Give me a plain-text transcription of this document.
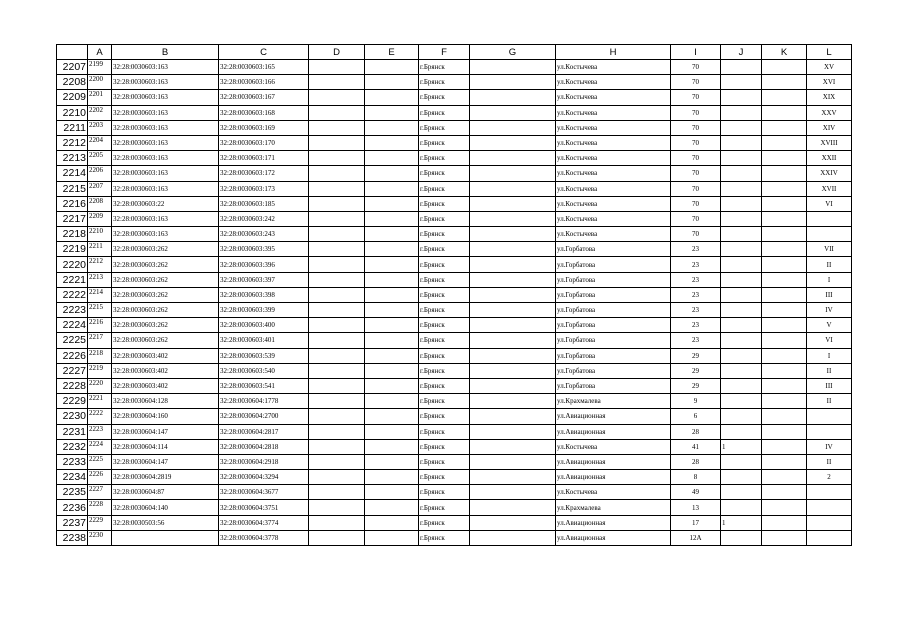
	A	B	C	D	E	F	G	H	I	J	K	L
2207	2199	32:28:0030603:163	32:28:0030603:165			г.Брянск		ул.Костычева	70			XV
2208	2200	32:28:0030603:163	32:28:0030603:166			г.Брянск		ул.Костычева	70			XVI
2209	2201	32:28:0030603:163	32:28:0030603:167			г.Брянск		ул.Костычева	70			XIX
2210	2202	32:28:0030603:163	32:28:0030603:168			г.Брянск		ул.Костычева	70			XXV
2211	2203	32:28:0030603:163	32:28:0030603:169			г.Брянск		ул.Костычева	70			XIV
2212	2204	32:28:0030603:163	32:28:0030603:170			г.Брянск		ул.Костычева	70			XVIII
2213	2205	32:28:0030603:163	32:28:0030603:171			г.Брянск		ул.Костычева	70			XXII
2214	2206	32:28:0030603:163	32:28:0030603:172			г.Брянск		ул.Костычева	70			XXIV
2215	2207	32:28:0030603:163	32:28:0030603:173			г.Брянск		ул.Костычева	70			XVII
2216	2208	32:28:0030603:22	32:28:0030603:185			г.Брянск		ул.Костычева	70			VI
2217	2209	32:28:0030603:163	32:28:0030603:242			г.Брянск		ул.Костычева	70			
2218	2210	32:28:0030603:163	32:28:0030603:243			г.Брянск		ул.Костычева	70			
2219	2211	32:28:0030603:262	32:28:0030603:395			г.Брянск		ул.Горбатова	23			VII
2220	2212	32:28:0030603:262	32:28:0030603:396			г.Брянск		ул.Горбатова	23			II
2221	2213	32:28:0030603:262	32:28:0030603:397			г.Брянск		ул.Горбатова	23			I
2222	2214	32:28:0030603:262	32:28:0030603:398			г.Брянск		ул.Горбатова	23			III
2223	2215	32:28:0030603:262	32:28:0030603:399			г.Брянск		ул.Горбатова	23			IV
2224	2216	32:28:0030603:262	32:28:0030603:400			г.Брянск		ул.Горбатова	23			V
2225	2217	32:28:0030603:262	32:28:0030603:401			г.Брянск		ул.Горбатова	23			VI
2226	2218	32:28:0030603:402	32:28:0030603:539			г.Брянск		ул.Горбатова	29			I
2227	2219	32:28:0030603:402	32:28:0030603:540			г.Брянск		ул.Горбатова	29			II
2228	2220	32:28:0030603:402	32:28:0030603:541			г.Брянск		ул.Горбатова	29			III
2229	2221	32:28:0030604:128	32:28:0030604:1778			г.Брянск		ул.Крахмалева	9			II
2230	2222	32:28:0030604:160	32:28:0030604:2700			г.Брянск		ул.Авиационная	6			
2231	2223	32:28:0030604:147	32:28:0030604:2817			г.Брянск		ул.Авиационная	28			
2232	2224	32:28:0030604:114	32:28:0030604:2818			г.Брянск		ул.Костычева	41	1		IV
2233	2225	32:28:0030604:147	32:28:0030604:2918			г.Брянск		ул.Авиационная	28			II
2234	2226	32:28:0030604:2819	32:28:0030604:3294			г.Брянск		ул.Авиационная	8			2
2235	2227	32:28:0030604:87	32:28:0030604:3677			г.Брянск		ул.Костычева	49			
2236	2228	32:28:0030604:140	32:28:0030604:3751			г.Брянск		ул.Крахмалева	13			
2237	2229	32:28:0030503:56	32:28:0030604:3774			г.Брянск		ул.Авиационная	17	1		
2238	2230		32:28:0030604:3778			г.Брянск		ул.Авиационная	12А			
